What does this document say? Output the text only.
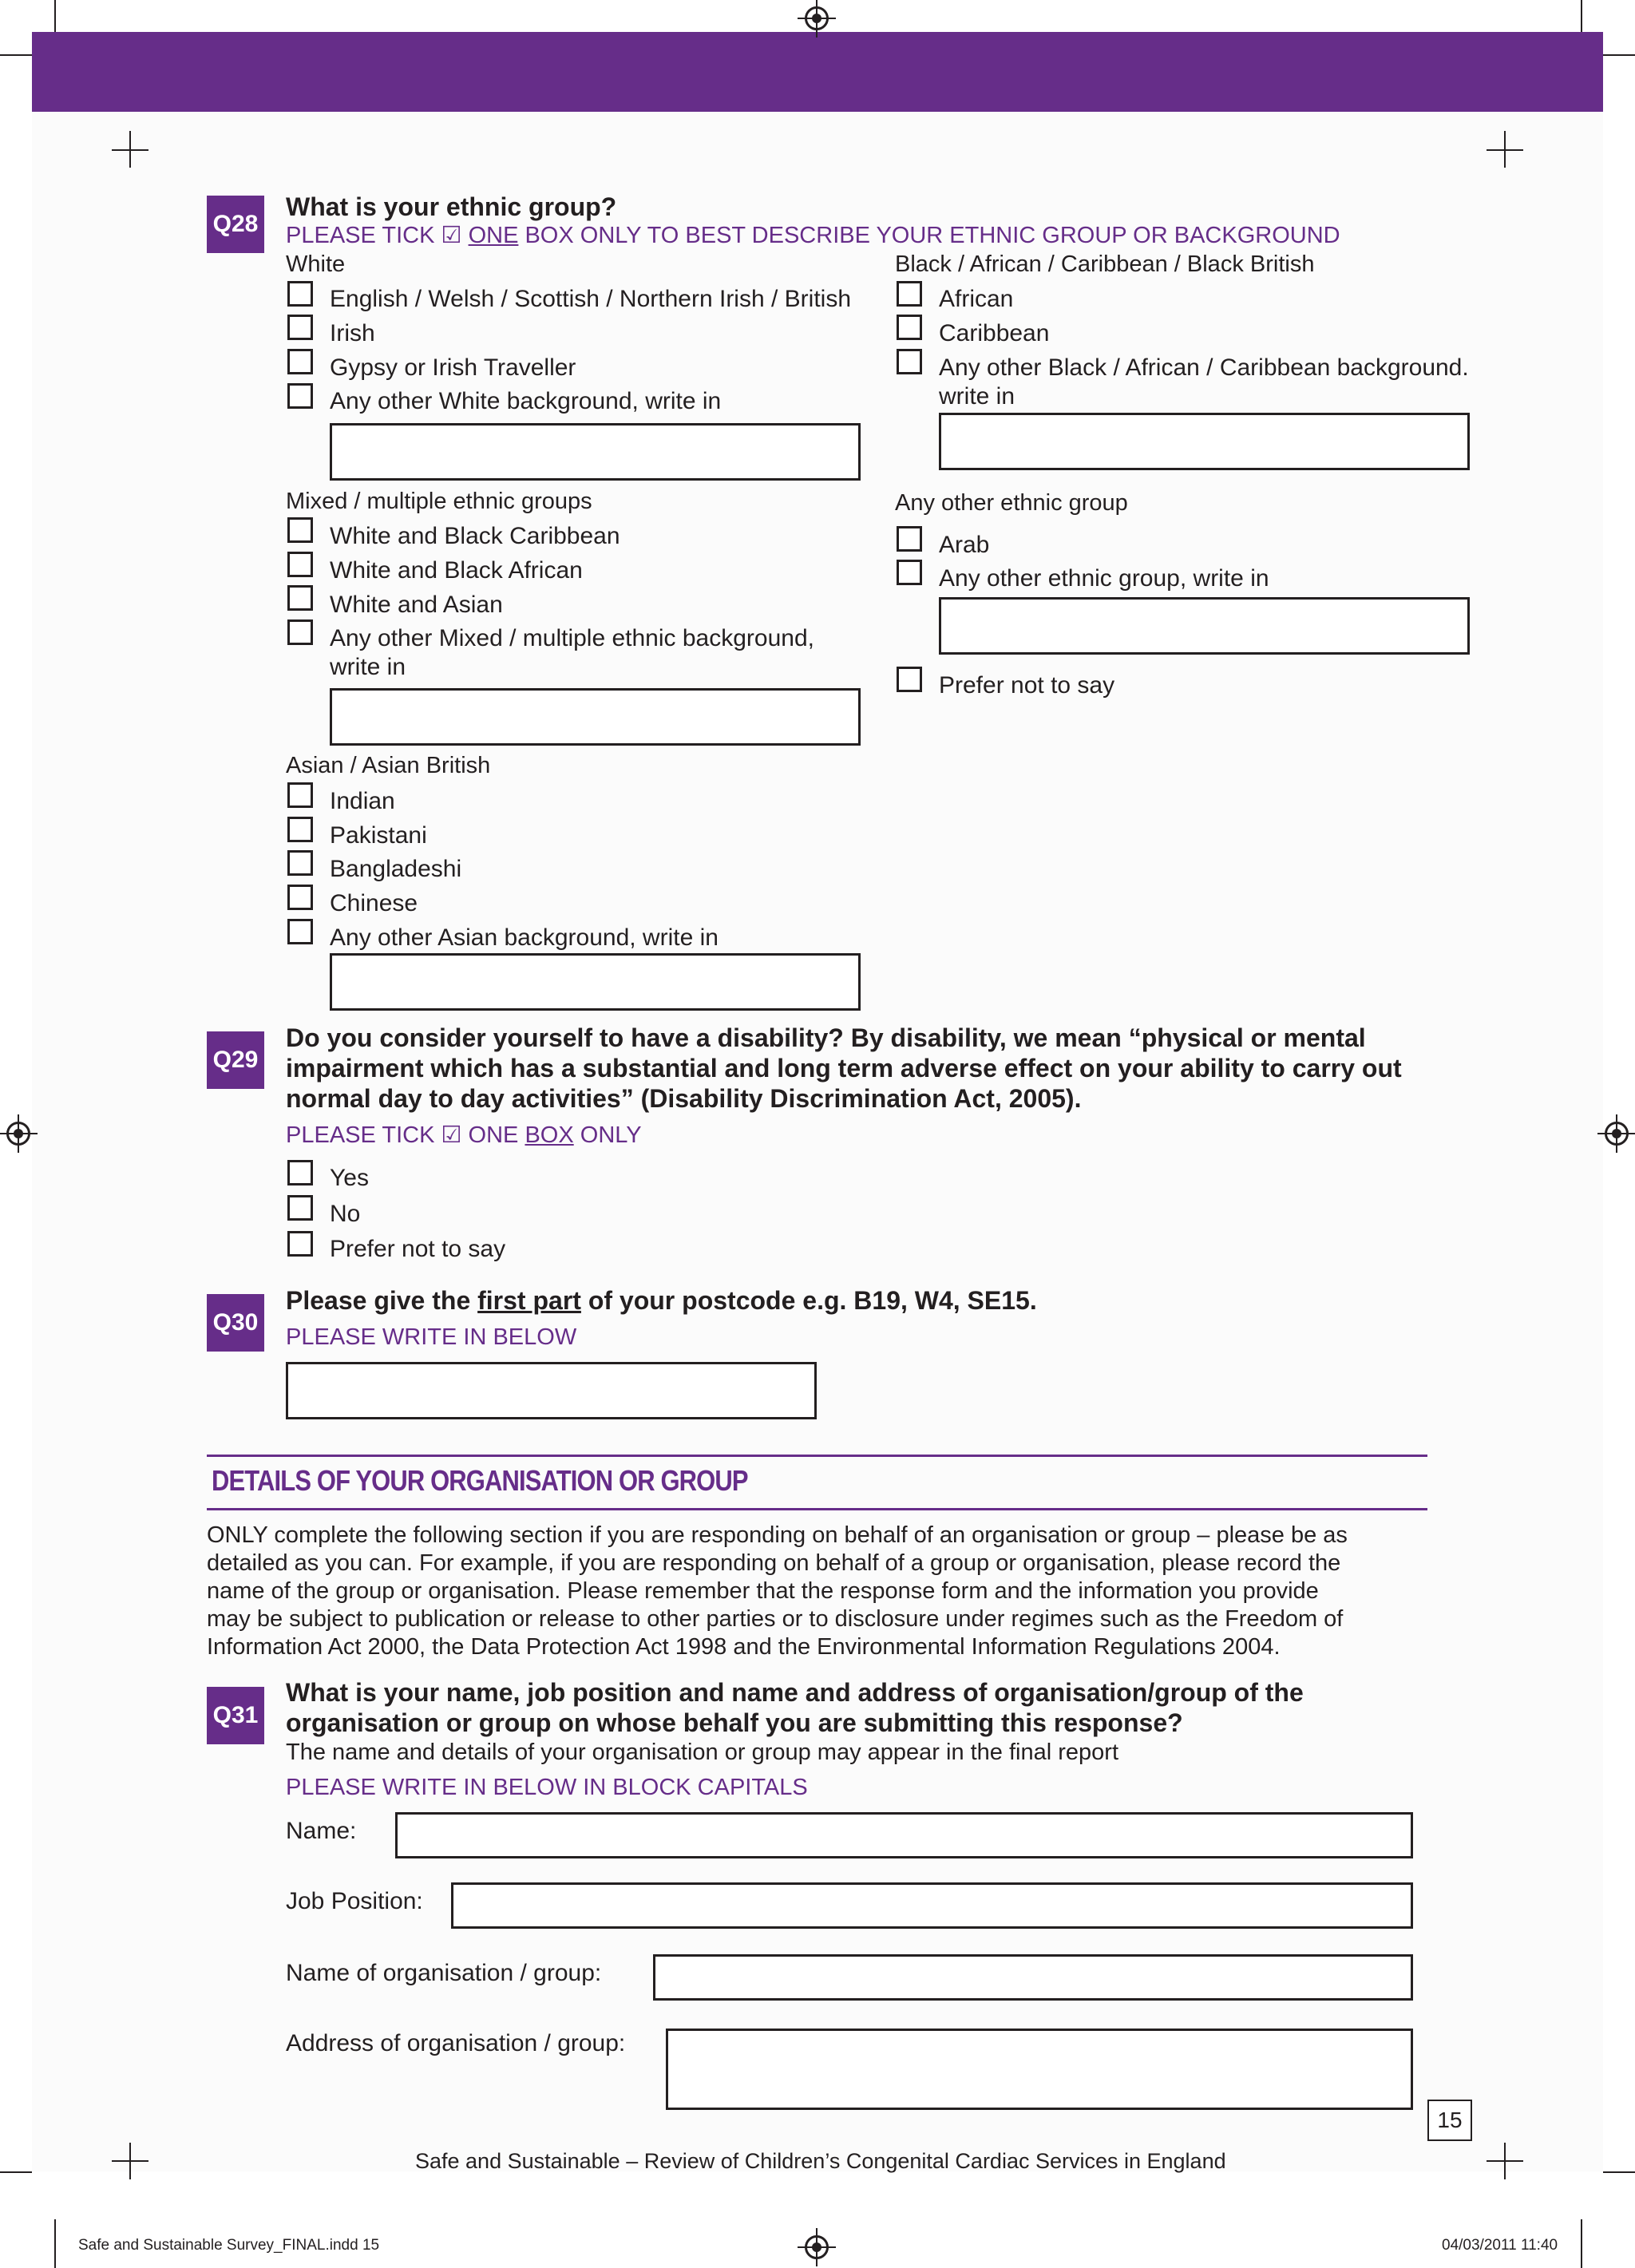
Q28
What is your ethnic group?
PLEASE TICK ☑ ONE BOX ONLY TO BEST DESCRIBE YOUR ETHNIC GROUP OR BACKGROUND
White
English / Welsh / Scottish / Northern Irish / British
Irish
Gypsy or Irish Traveller
Any other White background, write in
Black / African / Caribbean / Black British
African
Caribbean
Any other Black / African / Caribbean background.
write in
Mixed / multiple ethnic groups
White and Black Caribbean
White and Black African
White and Asian
Any other Mixed / multiple ethnic background,
write in
Any other ethnic group
Arab
Any other ethnic group, write in
Prefer not to say
Asian / Asian British
Indian
Pakistani
Bangladeshi
Chinese
Any other Asian background, write in
Q29
Do you consider yourself to have a disability? By disability, we mean “physical or mental
impairment which has a substantial and long term adverse effect on your ability to carry out
normal day to day activities” (Disability Discrimination Act, 2005).
PLEASE TICK ☑ ONE BOX ONLY
Yes
No
Prefer not to say
Q30
Please give the first part of your postcode e.g. B19, W4, SE15.
PLEASE WRITE IN BELOW
DETAILS OF YOUR ORGANISATION OR GROUP
ONLY complete the following section if you are responding on behalf of an organisation or group – please be as
detailed as you can. For example, if you are responding on behalf of a group or organisation, please record the
name of the group or organisation. Please remember that the response form and the information you provide
may be subject to publication or release to other parties or to disclosure under regimes such as the Freedom of
Information Act 2000, the Data Protection Act 1998 and the Environmental Information Regulations 2004.
Q31
What is your name, job position and name and address of organisation/group of the
organisation or group on whose behalf you are submitting this response?
The name and details of your organisation or group may appear in the final report
PLEASE WRITE IN BELOW IN BLOCK CAPITALS
Name:
Job Position:
Name of organisation / group:
Address of organisation / group:
15
Safe and Sustainable – Review of Children’s Congenital Cardiac Services in England
Safe and Sustainable Survey_FINAL.indd 15	04/03/2011 11:40
